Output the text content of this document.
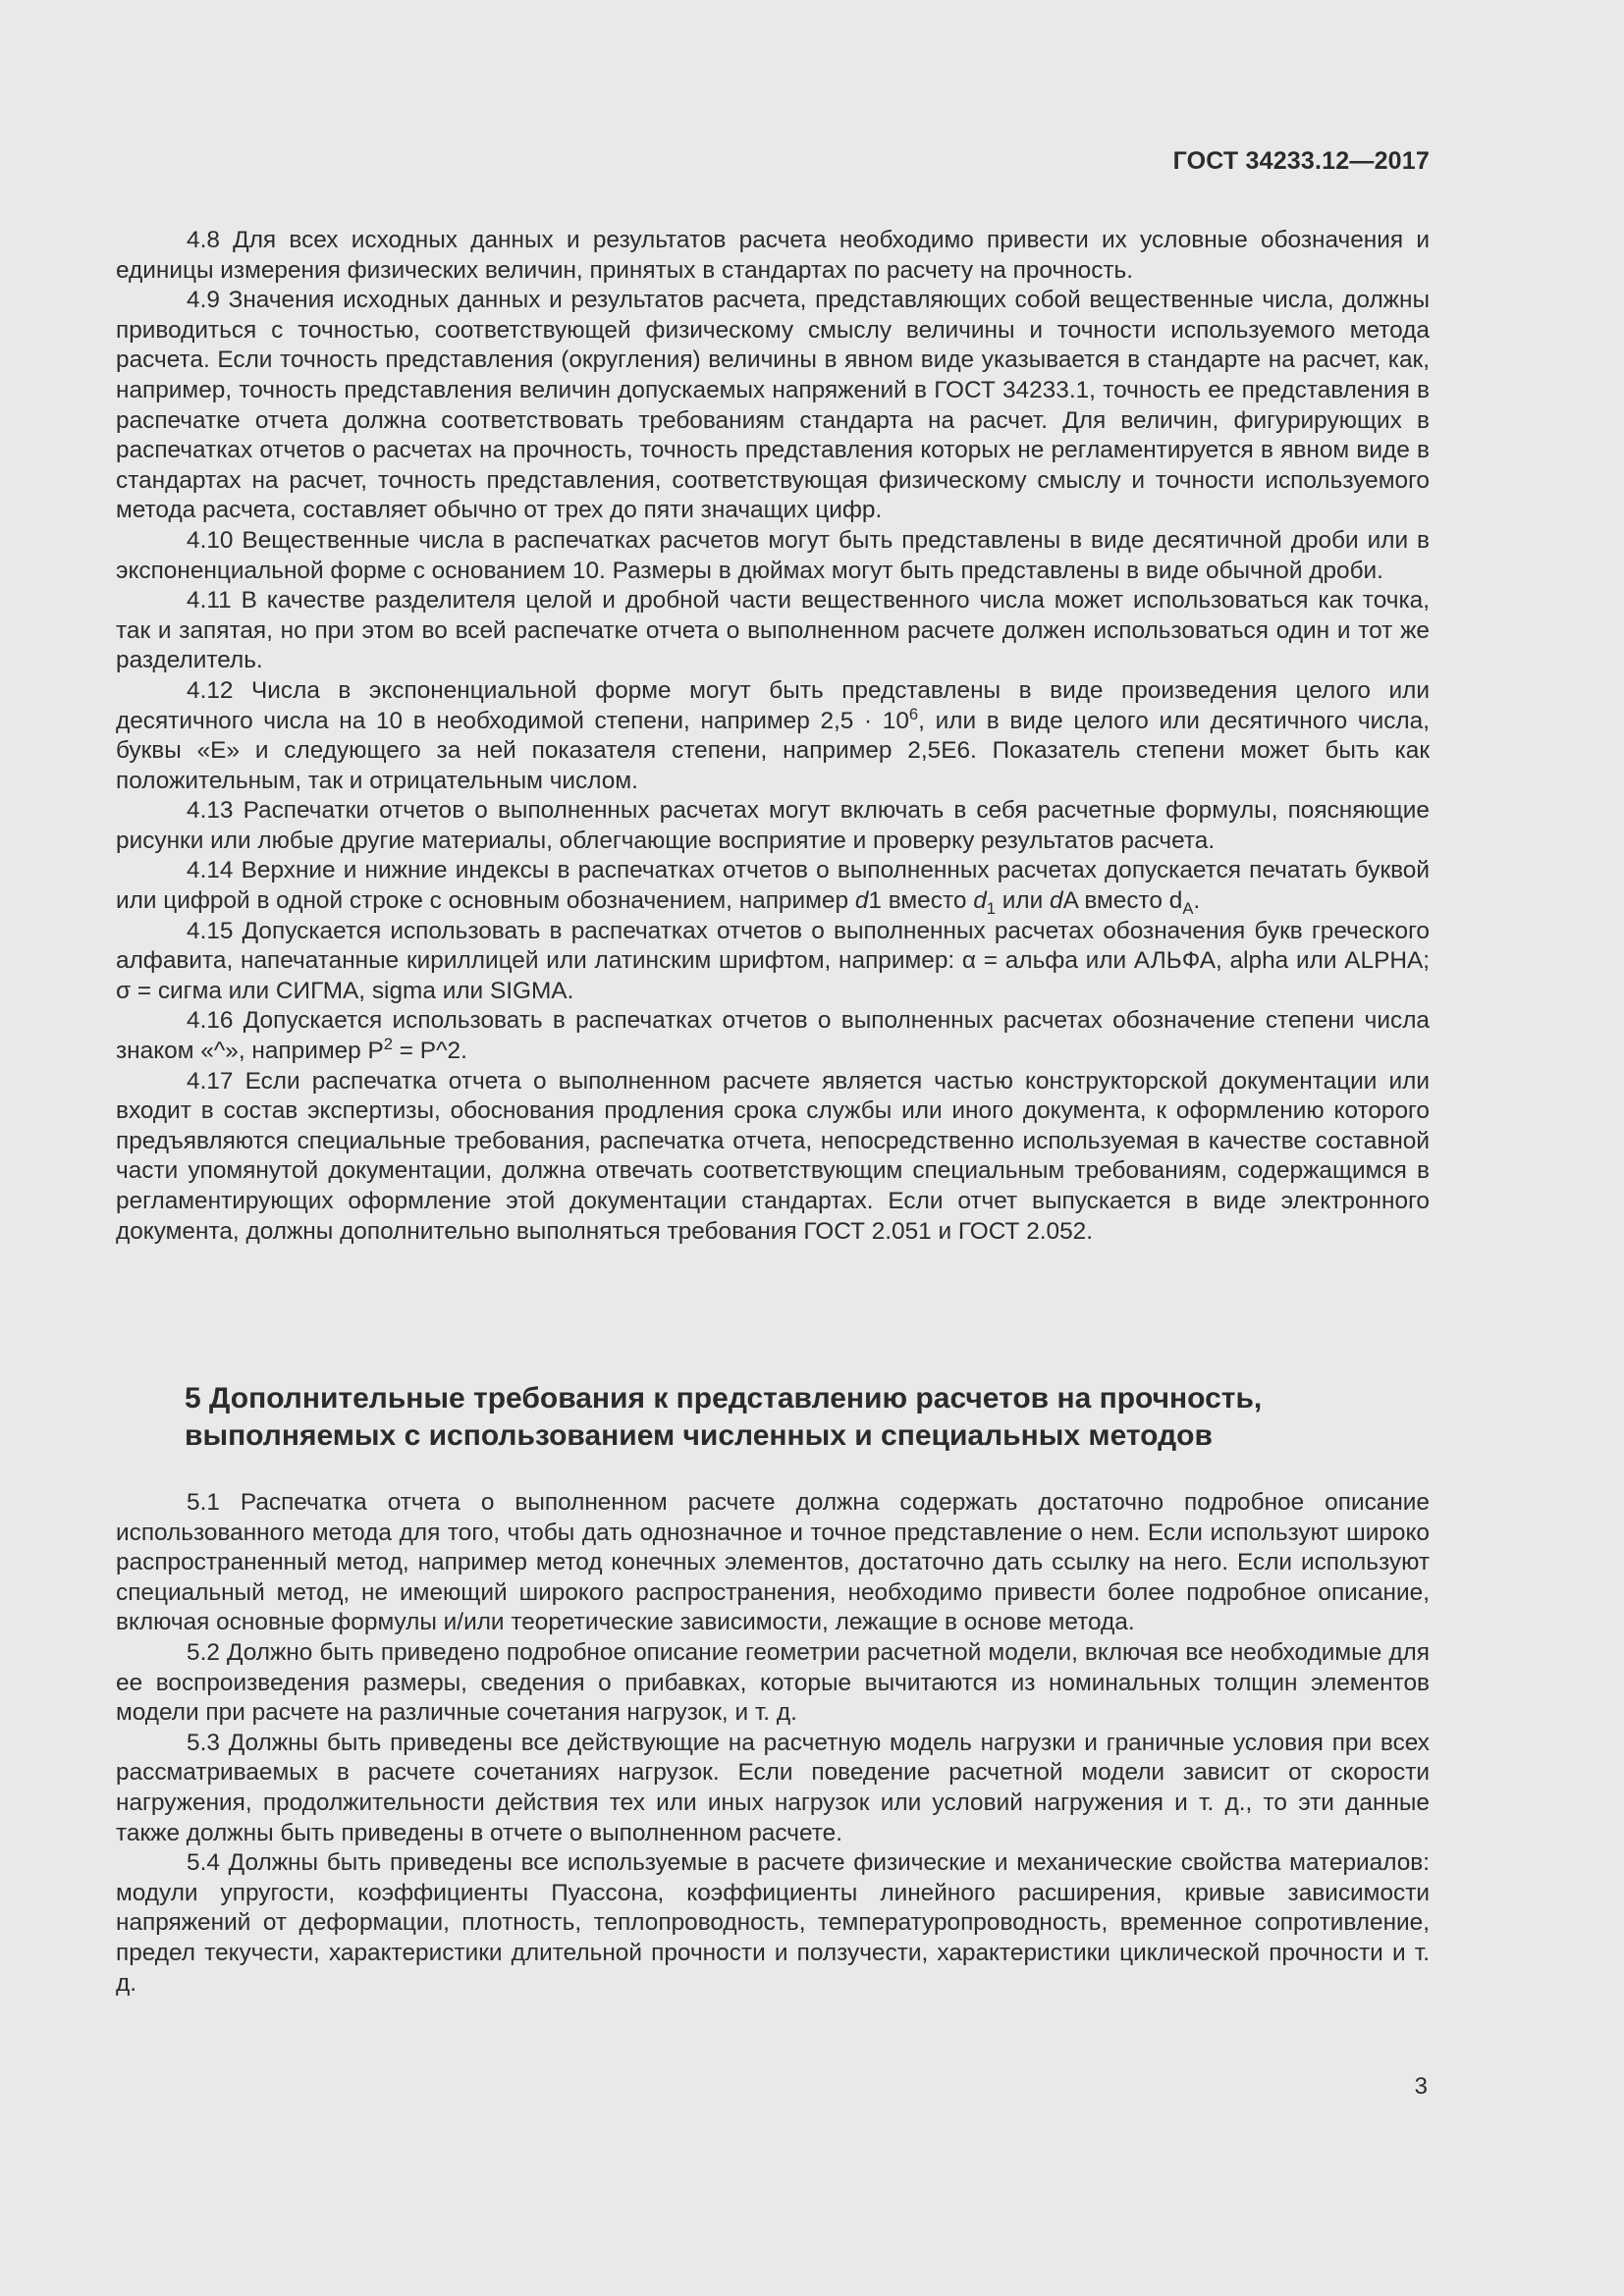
ГОСТ 34233.12—2017

4.8 Для всех исходных данных и результатов расчета необходимо привести их условные обозначения и единицы измерения физических величин, принятых в стандартах по расчету на прочность.

4.9 Значения исходных данных и результатов расчета, представляющих собой вещественные числа, должны приводиться с точностью, соответствующей физическому смыслу величины и точности используемого метода расчета. Если точность представления (округления) величины в явном виде указывается в стандарте на расчет, как, например, точность представления величин допускаемых напряжений в ГОСТ 34233.1, точность ее представления в распечатке отчета должна соответствовать требованиям стандарта на расчет. Для величин, фигурирующих в распечатках отчетов о расчетах на прочность, точность представления которых не регламентируется в явном виде в стандартах на расчет, точность представления, соответствующая физическому смыслу и точности используемого метода расчета, составляет обычно от трех до пяти значащих цифр.

4.10 Вещественные числа в распечатках расчетов могут быть представлены в виде десятичной дроби или в экспоненциальной форме с основанием 10. Размеры в дюймах могут быть представлены в виде обычной дроби.

4.11 В качестве разделителя целой и дробной части вещественного числа может использоваться как точка, так и запятая, но при этом во всей распечатке отчета о выполненном расчете должен использоваться один и тот же разделитель.

4.12 Числа в экспоненциальной форме могут быть представлены в виде произведения целого или десятичного числа на 10 в необходимой степени, например $2,5 \cdot 10^6$, или в виде целого или десятичного числа, буквы «Е» и следующего за ней показателя степени, например 2,5Е6. Показатель степени может быть как положительным, так и отрицательным числом.

4.13 Распечатки отчетов о выполненных расчетах могут включать в себя расчетные формулы, поясняющие рисунки или любые другие материалы, облегчающие восприятие и проверку результатов расчета.

4.14 Верхние и нижние индексы в распечатках отчетов о выполненных расчетах допускается печатать буквой или цифрой в одной строке с основным обозначением, например d1 вместо $d_1$ или dA вместо $d_A$.

4.15 Допускается использовать в распечатках отчетов о выполненных расчетах обозначения букв греческого алфавита, напечатанные кириллицей или латинским шрифтом, например: α = альфа или АЛЬФА, alpha или ALPHA; σ = сигма или СИГМА, sigma или SIGMA.

4.16 Допускается использовать в распечатках отчетов о выполненных расчетах обозначение степени числа знаком «^», например $P^2$ = P^2.

4.17 Если распечатка отчета о выполненном расчете является частью конструкторской документации или входит в состав экспертизы, обоснования продления срока службы или иного документа, к оформлению которого предъявляются специальные требования, распечатка отчета, непосредственно используемая в качестве составной части упомянутой документации, должна отвечать соответствующим специальным требованиям, содержащимся в регламентирующих оформление этой документации стандартах. Если отчет выпускается в виде электронного документа, должны дополнительно выполняться требования ГОСТ 2.051 и ГОСТ 2.052.

5 Дополнительные требования к представлению расчетов на прочность, выполняемых с использованием численных и специальных методов

5.1 Распечатка отчета о выполненном расчете должна содержать достаточно подробное описание использованного метода для того, чтобы дать однозначное и точное представление о нем. Если используют широко распространенный метод, например метод конечных элементов, достаточно дать ссылку на него. Если используют специальный метод, не имеющий широкого распространения, необходимо привести более подробное описание, включая основные формулы и/или теоретические зависимости, лежащие в основе метода.

5.2 Должно быть приведено подробное описание геометрии расчетной модели, включая все необходимые для ее воспроизведения размеры, сведения о прибавках, которые вычитаются из номинальных толщин элементов модели при расчете на различные сочетания нагрузок, и т. д.

5.3 Должны быть приведены все действующие на расчетную модель нагрузки и граничные условия при всех рассматриваемых в расчете сочетаниях нагрузок. Если поведение расчетной модели зависит от скорости нагружения, продолжительности действия тех или иных нагрузок или условий нагружения и т. д., то эти данные также должны быть приведены в отчете о выполненном расчете.

5.4 Должны быть приведены все используемые в расчете физические и механические свойства материалов: модули упругости, коэффициенты Пуассона, коэффициенты линейного расширения, кривые зависимости напряжений от деформации, плотность, теплопроводность, температуропроводность, временное сопротивление, предел текучести, характеристики длительной прочности и ползучести, характеристики циклической прочности и т. д.

3
